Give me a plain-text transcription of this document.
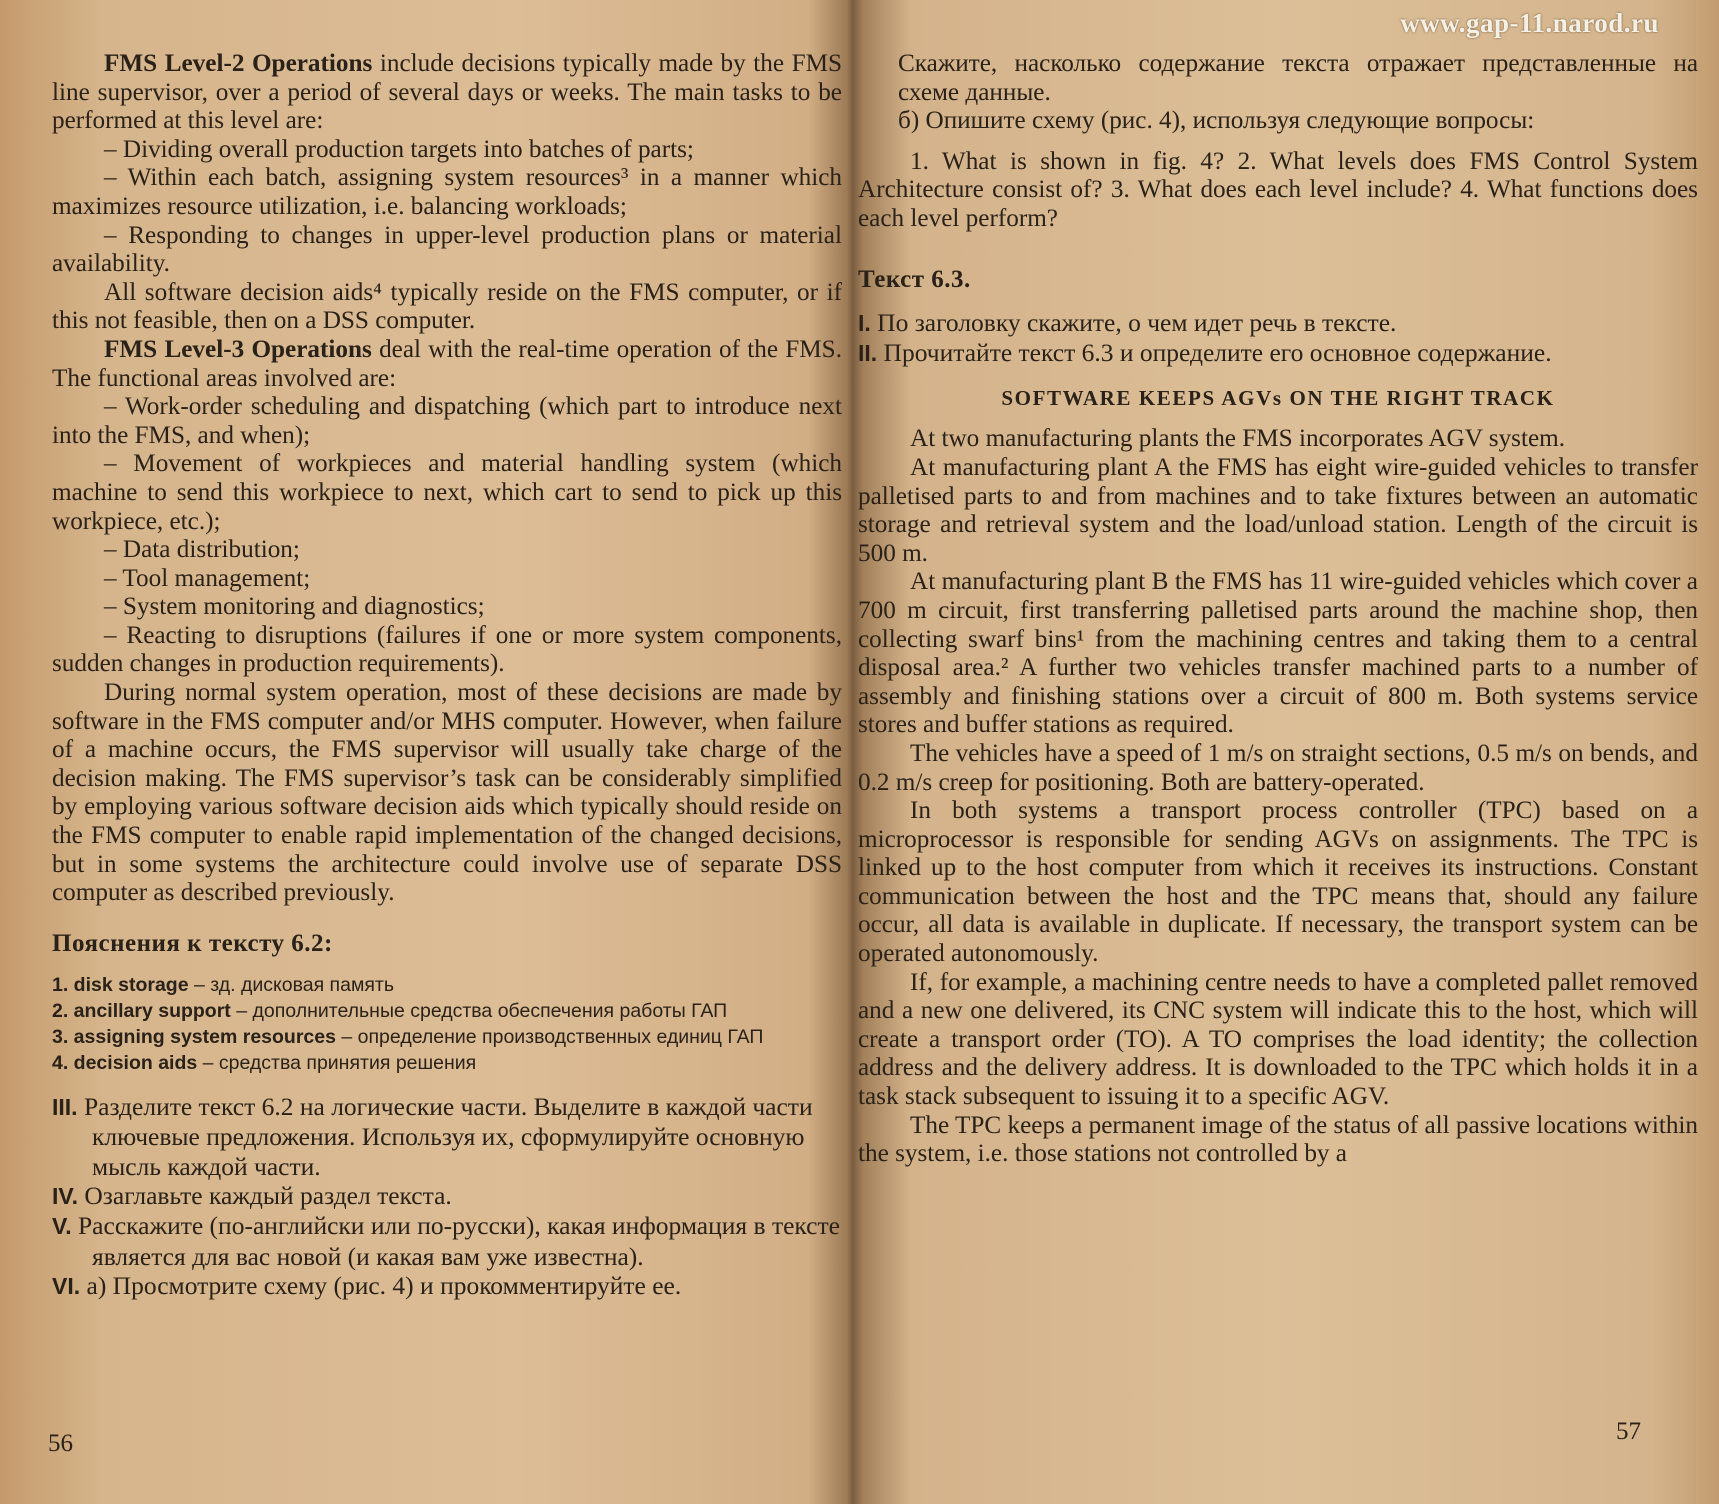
www.gap-11.narod.ru

FMS Level-2 Operations include decisions typically made by the FMS line supervisor, over a period of several days or weeks. The main tasks to be performed at this level are:

– Dividing overall production targets into batches of parts;

– Within each batch, assigning system resources³ in a manner which maximizes resource utilization, i.e. balancing workloads;

– Responding to changes in upper-level production plans or material availability.

All software decision aids⁴ typically reside on the FMS computer, or if this not feasible, then on a DSS computer.

FMS Level-3 Operations deal with the real-time operation of the FMS. The functional areas involved are:

– Work-order scheduling and dispatching (which part to introduce next into the FMS, and when);

– Movement of workpieces and material handling system (which machine to send this workpiece to next, which cart to send to pick up this workpiece, etc.);

– Data distribution;

– Tool management;

– System monitoring and diagnostics;

– Reacting to disruptions (failures if one or more system components, sudden changes in production requirements).

During normal system operation, most of these decisions are made by software in the FMS computer and/or MHS computer. However, when failure of a machine occurs, the FMS supervisor will usually take charge of the decision making. The FMS supervisor’s task can be considerably simplified by employing various software decision aids which typically should reside on the FMS computer to enable rapid implementation of the changed decisions, but in some systems the architecture could involve use of separate DSS computer as described previously.

Пояснения к тексту 6.2:

1. disk storage – зд. дисковая память

2. ancillary support – дополнительные средства обеспечения работы ГАП

3. assigning system resources – определение производственных единиц ГАП

4. decision aids – средства принятия решения

III. Разделите текст 6.2 на логические части. Выделите в каждой части ключевые предложения. Используя их, сформулируйте основную мысль каждой части.

IV. Озаглавьте каждый раздел текста.

V. Расскажите (по-английски или по-русски), какая информация в тексте является для вас новой (и какая вам уже известна).

VI. а) Просмотрите схему (рис. 4) и прокомментируйте ее.

56

Скажите, насколько содержание текста отражает представленные на схеме данные.

б) Опишите схему (рис. 4), используя следующие вопросы:

1. What is shown in fig. 4? 2. What levels does FMS Control System Architecture consist of? 3. What does each level include? 4. What functions does each level perform?

Текст 6.3.

I. По заголовку скажите, о чем идет речь в тексте.

II. Прочитайте текст 6.3 и определите его основное содержание.

SOFTWARE KEEPS AGVs ON THE RIGHT TRACK

At two manufacturing plants the FMS incorporates AGV system.

At manufacturing plant A the FMS has eight wire-guided vehicles to transfer palletised parts to and from machines and to take fixtures between an automatic storage and retrieval system and the load/unload station. Length of the circuit is 500 m.

At manufacturing plant B the FMS has 11 wire-guided vehicles which cover a 700 m circuit, first transferring palletised parts around the machine shop, then collecting swarf bins¹ from the machining centres and taking them to a central disposal area.² A further two vehicles transfer machined parts to a number of assembly and finishing stations over a circuit of 800 m. Both systems service stores and buffer stations as required.

The vehicles have a speed of 1 m/s on straight sections, 0.5 m/s on bends, and 0.2 m/s creep for positioning. Both are battery-operated.

In both systems a transport process controller (TPC) based on a microprocessor is responsible for sending AGVs on assignments. The TPC is linked up to the host computer from which it receives its instructions. Constant communication between the host and the TPC means that, should any failure occur, all data is available in duplicate. If necessary, the transport system can be operated autonomously.

If, for example, a machining centre needs to have a completed pallet removed and a new one delivered, its CNC system will indicate this to the host, which will create a transport order (TO). A TO comprises the load identity; the collection address and the delivery address. It is downloaded to the TPC which holds it in a task stack subsequent to issuing it to a specific AGV.

The TPC keeps a permanent image of the status of all passive locations within the system, i.e. those stations not controlled by a

57
